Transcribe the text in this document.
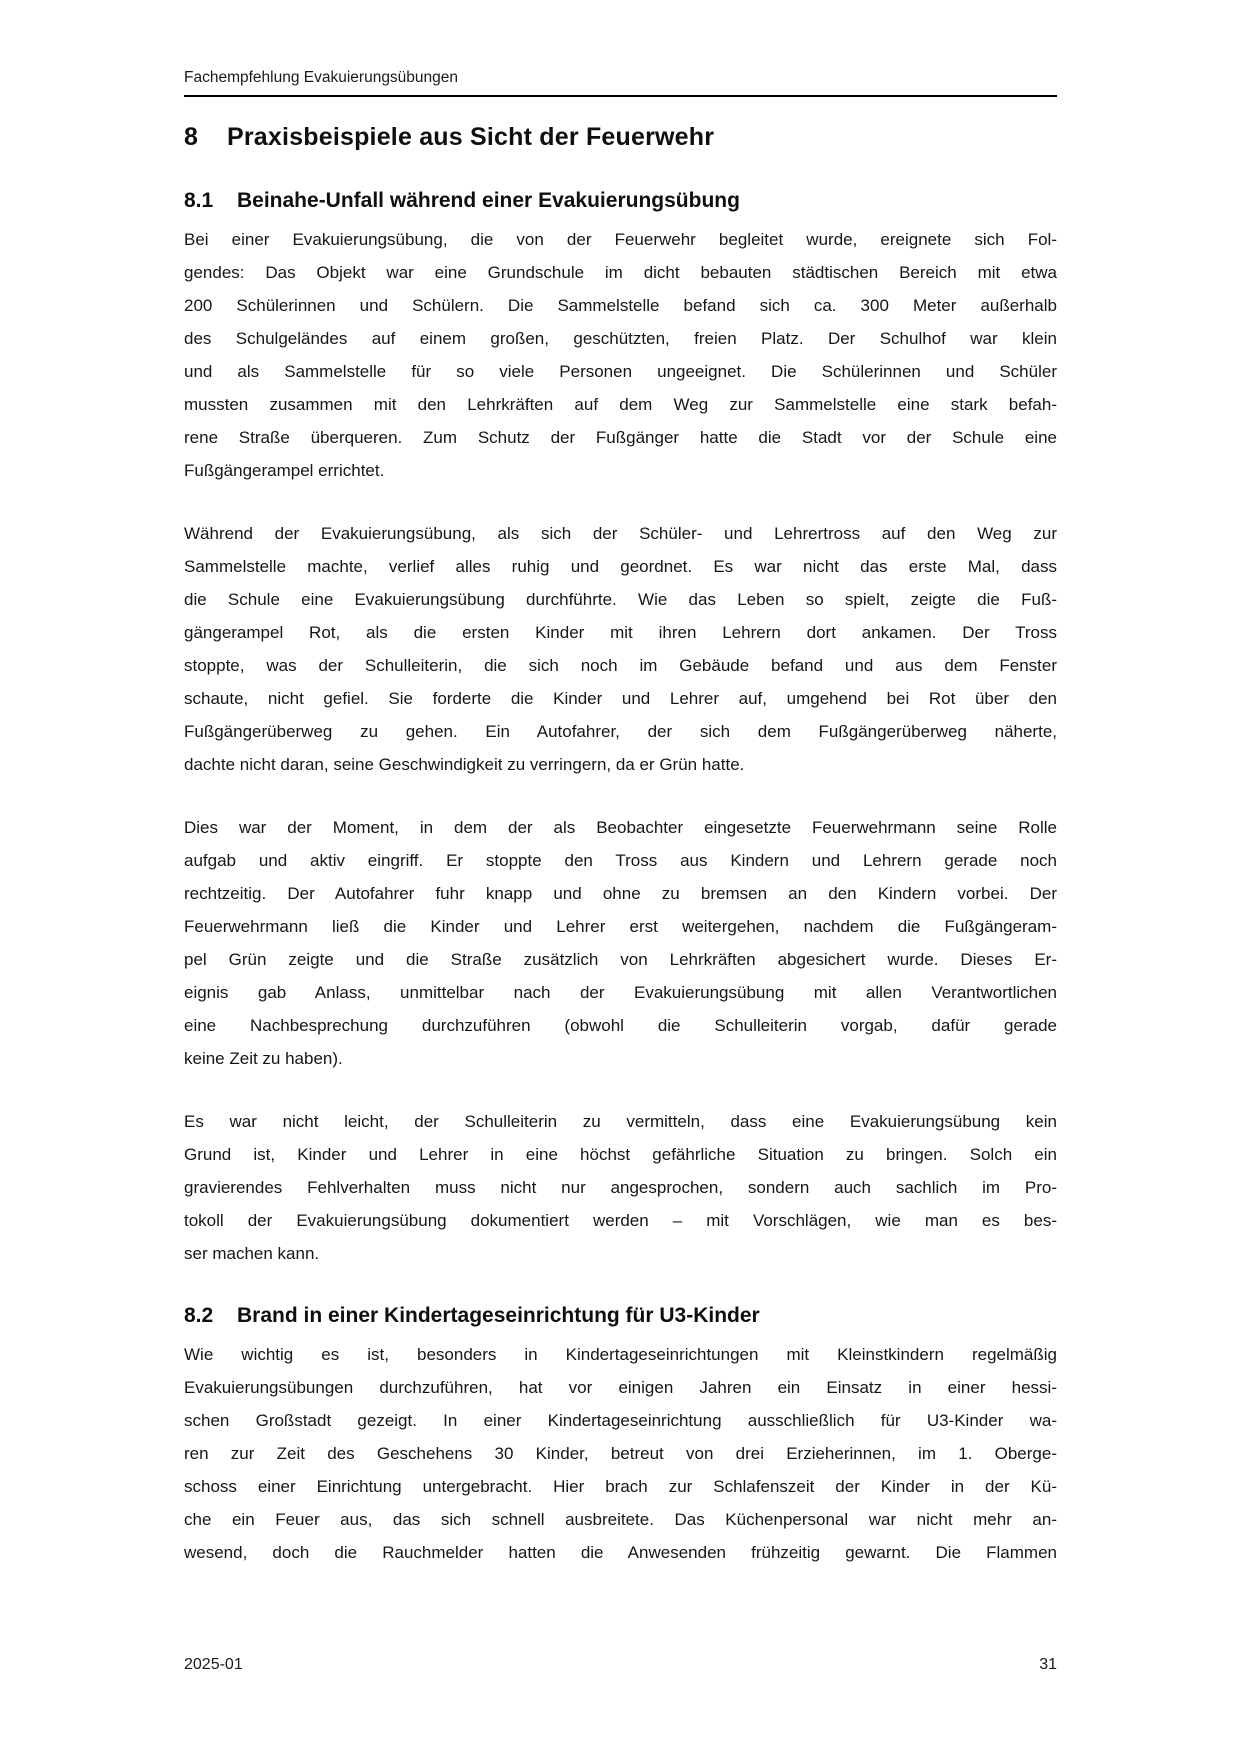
Fachempfehlung Evakuierungsübungen
8 Praxisbeispiele aus Sicht der Feuerwehr
8.1 Beinahe-Unfall während einer Evakuierungsübung
Bei einer Evakuierungsübung, die von der Feuerwehr begleitet wurde, ereignete sich Fol-
gendes: Das Objekt war eine Grundschule im dicht bebauten städtischen Bereich mit etwa
200 Schülerinnen und Schülern. Die Sammelstelle befand sich ca. 300 Meter außerhalb
des Schulgeländes auf einem großen, geschützten, freien Platz. Der Schulhof war klein
und als Sammelstelle für so viele Personen ungeeignet. Die Schülerinnen und Schüler
mussten zusammen mit den Lehrkräften auf dem Weg zur Sammelstelle eine stark befah-
rene Straße überqueren. Zum Schutz der Fußgänger hatte die Stadt vor der Schule eine
Fußgängerampel errichtet.
Während der Evakuierungsübung, als sich der Schüler- und Lehrertross auf den Weg zur
Sammelstelle machte, verlief alles ruhig und geordnet. Es war nicht das erste Mal, dass
die Schule eine Evakuierungsübung durchführte. Wie das Leben so spielt, zeigte die Fuß-
gängerampel Rot, als die ersten Kinder mit ihren Lehrern dort ankamen. Der Tross
stoppte, was der Schulleiterin, die sich noch im Gebäude befand und aus dem Fenster
schaute, nicht gefiel. Sie forderte die Kinder und Lehrer auf, umgehend bei Rot über den
Fußgängerüberweg zu gehen. Ein Autofahrer, der sich dem Fußgängerüberweg näherte,
dachte nicht daran, seine Geschwindigkeit zu verringern, da er Grün hatte.
Dies war der Moment, in dem der als Beobachter eingesetzte Feuerwehrmann seine Rolle
aufgab und aktiv eingriff. Er stoppte den Tross aus Kindern und Lehrern gerade noch
rechtzeitig. Der Autofahrer fuhr knapp und ohne zu bremsen an den Kindern vorbei. Der
Feuerwehrmann ließ die Kinder und Lehrer erst weitergehen, nachdem die Fußgängeram-
pel Grün zeigte und die Straße zusätzlich von Lehrkräften abgesichert wurde. Dieses Er-
eignis gab Anlass, unmittelbar nach der Evakuierungsübung mit allen Verantwortlichen
eine Nachbesprechung durchzuführen (obwohl die Schulleiterin vorgab, dafür gerade
keine Zeit zu haben).
Es war nicht leicht, der Schulleiterin zu vermitteln, dass eine Evakuierungsübung kein
Grund ist, Kinder und Lehrer in eine höchst gefährliche Situation zu bringen. Solch ein
gravierendes Fehlverhalten muss nicht nur angesprochen, sondern auch sachlich im Pro-
tokoll der Evakuierungsübung dokumentiert werden – mit Vorschlägen, wie man es bes-
ser machen kann.
8.2 Brand in einer Kindertageseinrichtung für U3-Kinder
Wie wichtig es ist, besonders in Kindertageseinrichtungen mit Kleinstkindern regelmäßig
Evakuierungsübungen durchzuführen, hat vor einigen Jahren ein Einsatz in einer hessi-
schen Großstadt gezeigt. In einer Kindertageseinrichtung ausschließlich für U3-Kinder wa-
ren zur Zeit des Geschehens 30 Kinder, betreut von drei Erzieherinnen, im 1. Oberge-
schoss einer Einrichtung untergebracht. Hier brach zur Schlafenszeit der Kinder in der Kü-
che ein Feuer aus, das sich schnell ausbreitete. Das Küchenpersonal war nicht mehr an-
wesend, doch die Rauchmelder hatten die Anwesenden frühzeitig gewarnt. Die Flammen
2025-01	31
